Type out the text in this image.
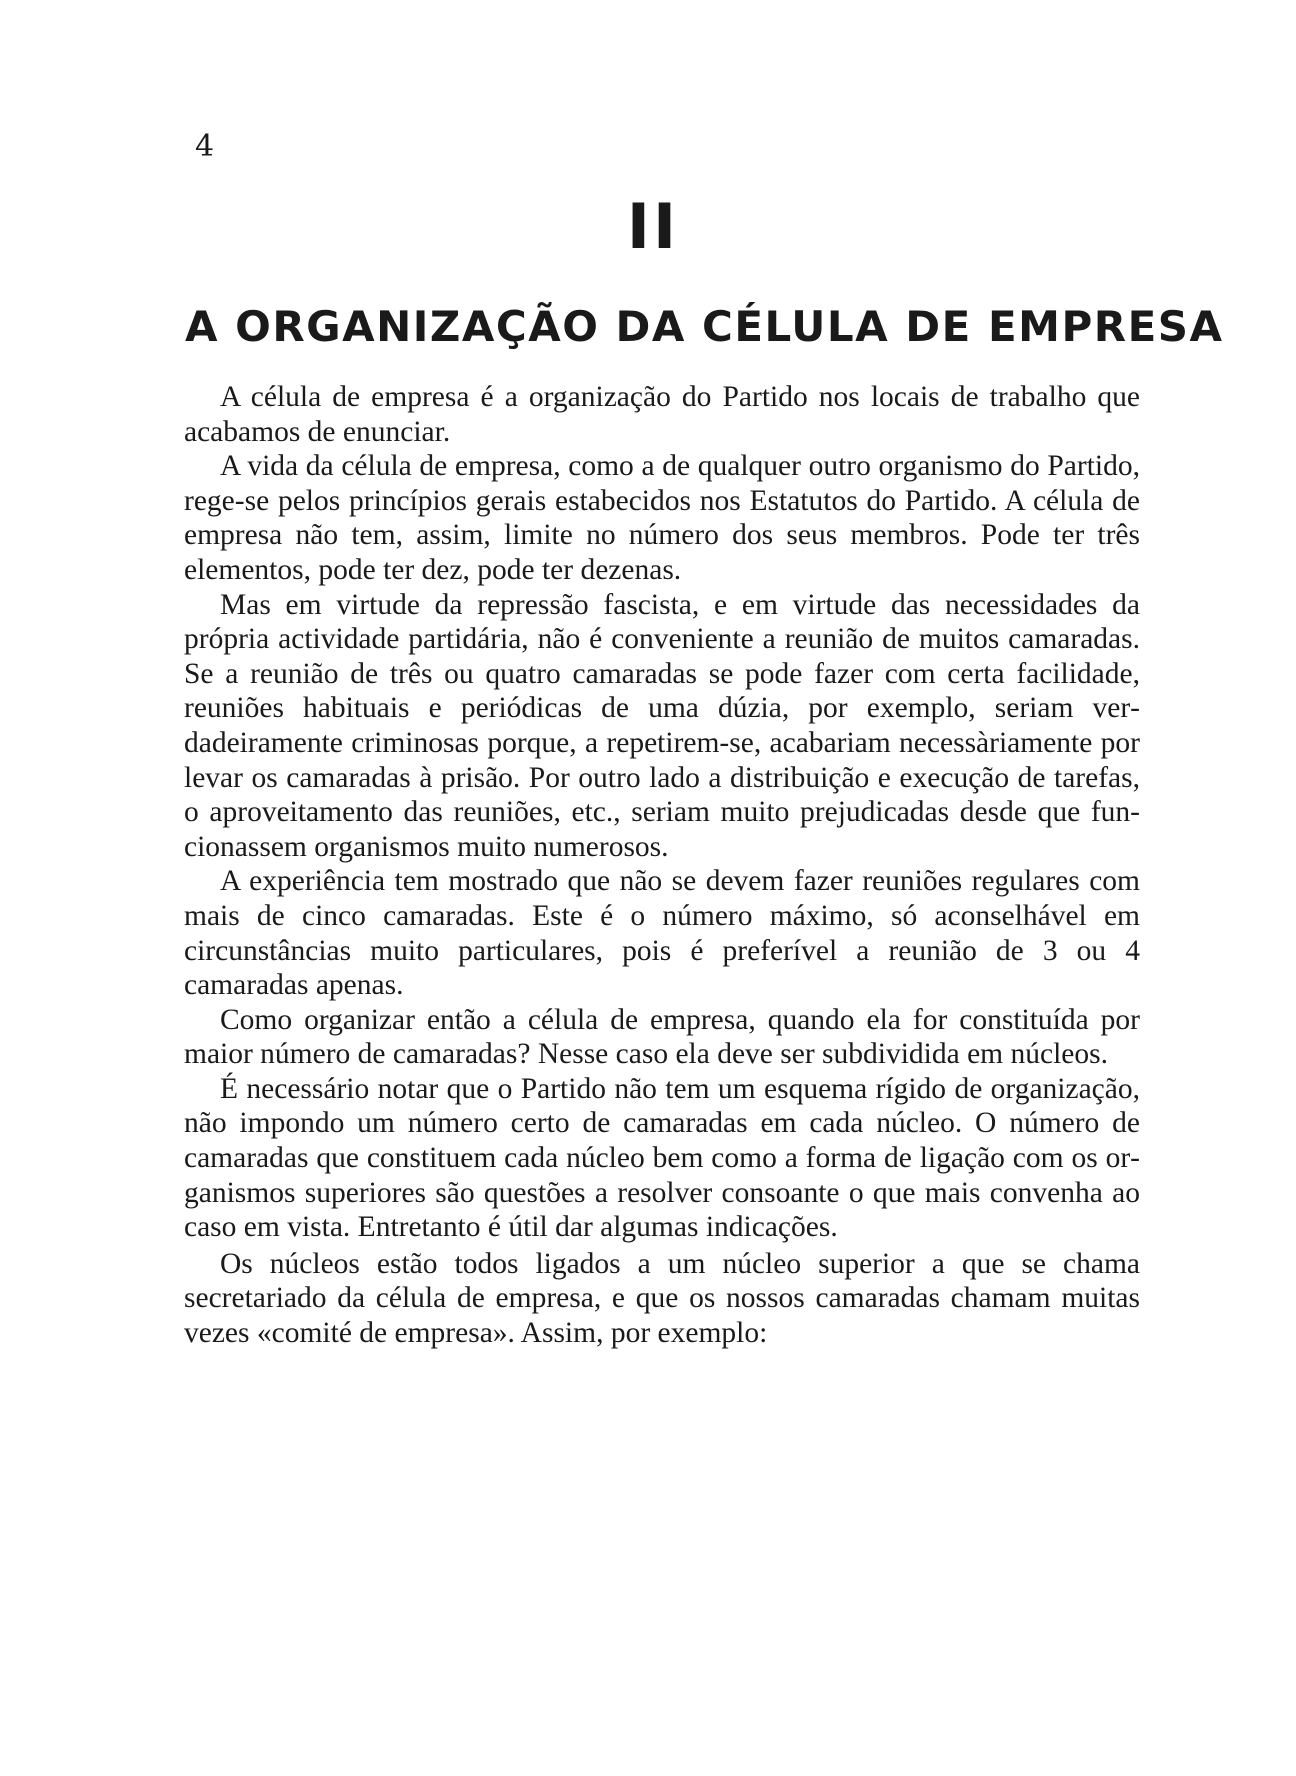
4
II
A ORGANIZAÇÃO DA CÉLULA DE EMPRESA

A célula de empresa é a organização do Partido nos locais de trabalho que acabamos de enunciar.

A vida da célula de empresa, como a de qualquer outro organismo do Partido, rege-se pelos princípios gerais estabecidos nos Estatutos do Partido. A célula de empresa não tem, assim, limite no número dos seus membros. Pode ter três elementos, pode ter dez, pode ter dezenas.

Mas em virtude da repressão fascista, e em virtude das necessidades da própria actividade partidária, não é conveniente a reunião de muitos camaradas. Se a reunião de três ou quatro camaradas se pode fazer com certa facilidade, reuniões habituais e periódicas de uma dúzia, por exemplo, seriam verdadeiramente criminosas porque, a repetirem-se, acabariam necessàriamente por levar os camaradas à prisão. Por outro lado a distribuição e execução de tarefas, o aproveitamento das reuniões, etc., seriam muito prejudicadas desde que funcionassem organismos muito numerosos.

A experiência tem mostrado que não se devem fazer reuniões regulares com mais de cinco camaradas. Este é o número máximo, só aconselhável em circunstâncias muito particulares, pois é preferível a reunião de 3 ou 4 camaradas apenas.

Como organizar então a célula de empresa, quando ela for constituída por maior número de camaradas? Nesse caso ela deve ser subdividida em núcleos.

É necessário notar que o Partido não tem um esquema rígido de organização, não impondo um número certo de camaradas em cada núcleo. O número de camaradas que constituem cada núcleo bem como a forma de ligação com os organismos superiores são questões a resolver consoante o que mais convenha ao caso em vista. Entretanto é útil dar algumas indicações.

Os núcleos estão todos ligados a um núcleo superior a que se chama secretariado da célula de empresa, e que os nossos camaradas chamam muitas vezes «comité de empresa». Assim, por exemplo:
